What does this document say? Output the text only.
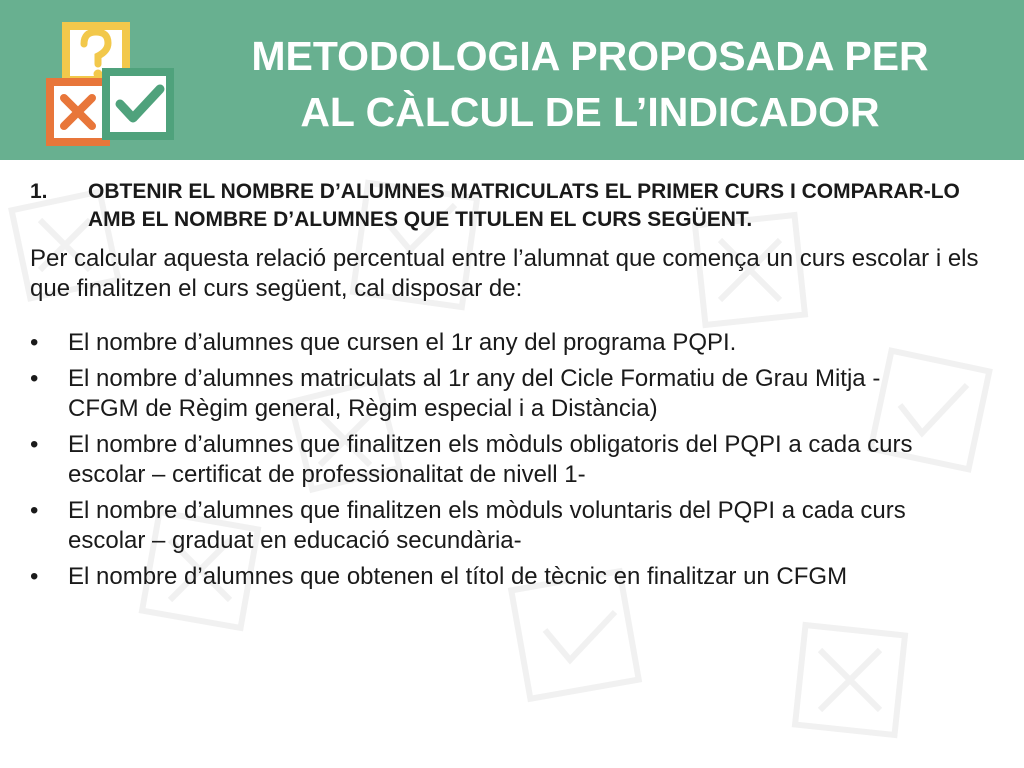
METODOLOGIA PROPOSADA PER
AL CÀLCUL DE L’INDICADOR
1.	OBTENIR EL NOMBRE D’ALUMNES MATRICULATS EL PRIMER CURS I COMPARAR-LO AMB EL NOMBRE D’ALUMNES QUE TITULEN EL CURS SEGÜENT.

Per calcular aquesta relació percentual entre l’alumnat que comença un curs escolar i els que finalitzen el curs següent, cal disposar de:

•	El nombre d’alumnes que cursen el 1r any del programa PQPI.
•	El nombre d’alumnes matriculats al 1r any del Cicle Formatiu de Grau Mitja -CFGM de Règim general, Règim especial i a Distància)
•	El nombre d’alumnes que finalitzen els mòduls obligatoris del PQPI a cada curs escolar – certificat de professionalitat de nivell 1-
•	El nombre d’alumnes que finalitzen els mòduls voluntaris del PQPI a cada curs escolar – graduat en educació secundària-
•	El nombre d’alumnes que obtenen el títol de tècnic en finalitzar un CFGM
